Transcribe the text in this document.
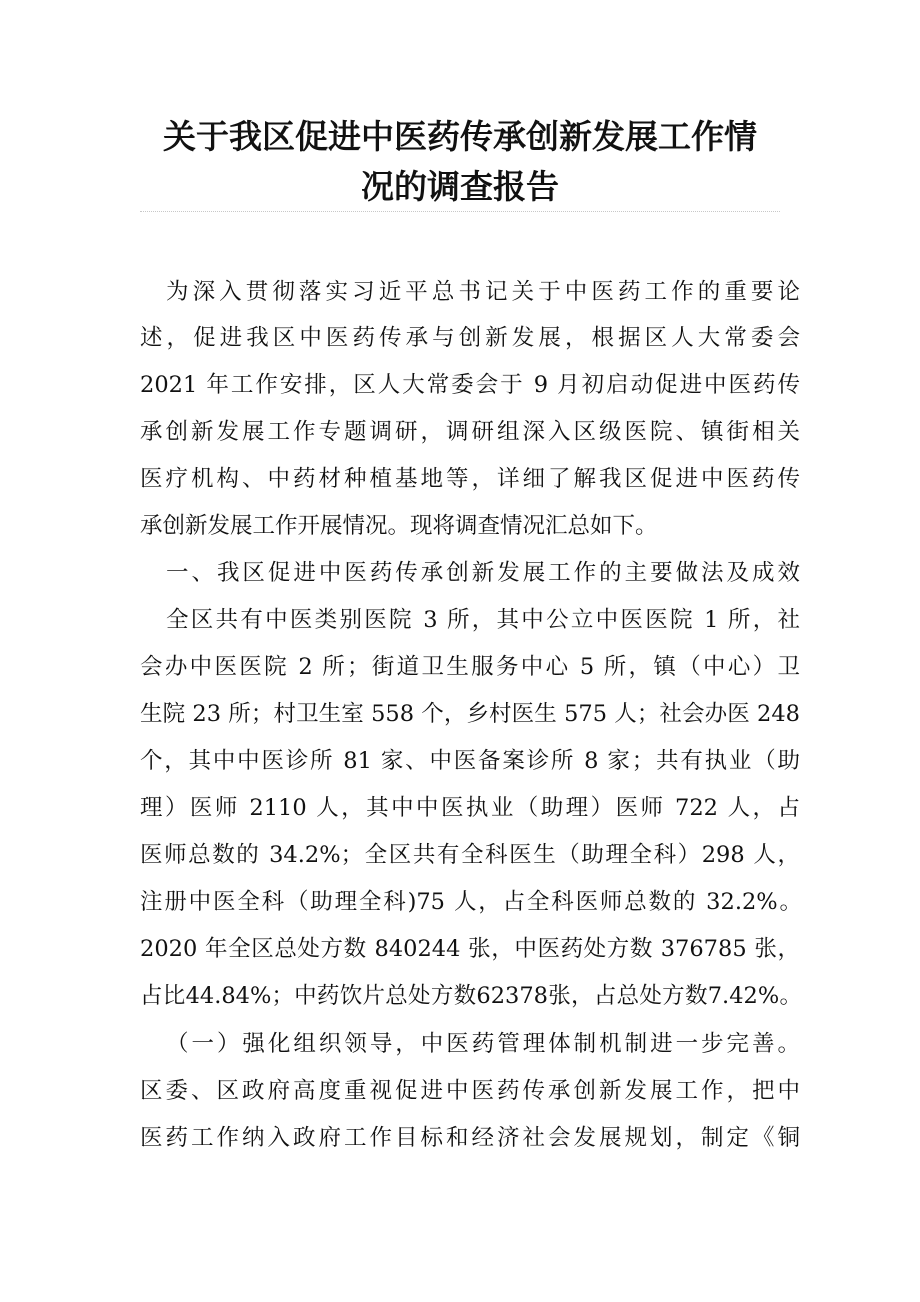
关于我区促进中医药传承创新发展工作情
况的调查报告
为深入贯彻落实习近平总书记关于中医药工作的重要论
述，促进我区中医药传承与创新发展，根据区人大常委会
2021 年工作安排，区人大常委会于 9 月初启动促进中医药传
承创新发展工作专题调研，调研组深入区级医院、镇街相关
医疗机构、中药材种植基地等，详细了解我区促进中医药传
承创新发展工作开展情况。现将调查情况汇总如下。
一、我区促进中医药传承创新发展工作的主要做法及成效
全区共有中医类别医院 3 所，其中公立中医医院 1 所，社
会办中医医院 2 所；街道卫生服务中心 5 所，镇（中心）卫
生院 23 所；村卫生室 558 个，乡村医生 575 人；社会办医 248
个，其中中医诊所 81 家、中医备案诊所 8 家；共有执业（助
理）医师 2110 人，其中中医执业（助理）医师 722 人，占
医师总数的 34.2%；全区共有全科医生（助理全科）298 人，
注册中医全科（助理全科)75 人，占全科医师总数的 32.2%。
2020 年全区总处方数 840244 张，中医药处方数 376785 张，
占比44.84%；中药饮片总处方数62378张，占总处方数7.42%。
（一）强化组织领导，中医药管理体制机制进一步完善。
区委、区政府高度重视促进中医药传承创新发展工作，把中
医药工作纳入政府工作目标和经济社会发展规划，制定《铜
